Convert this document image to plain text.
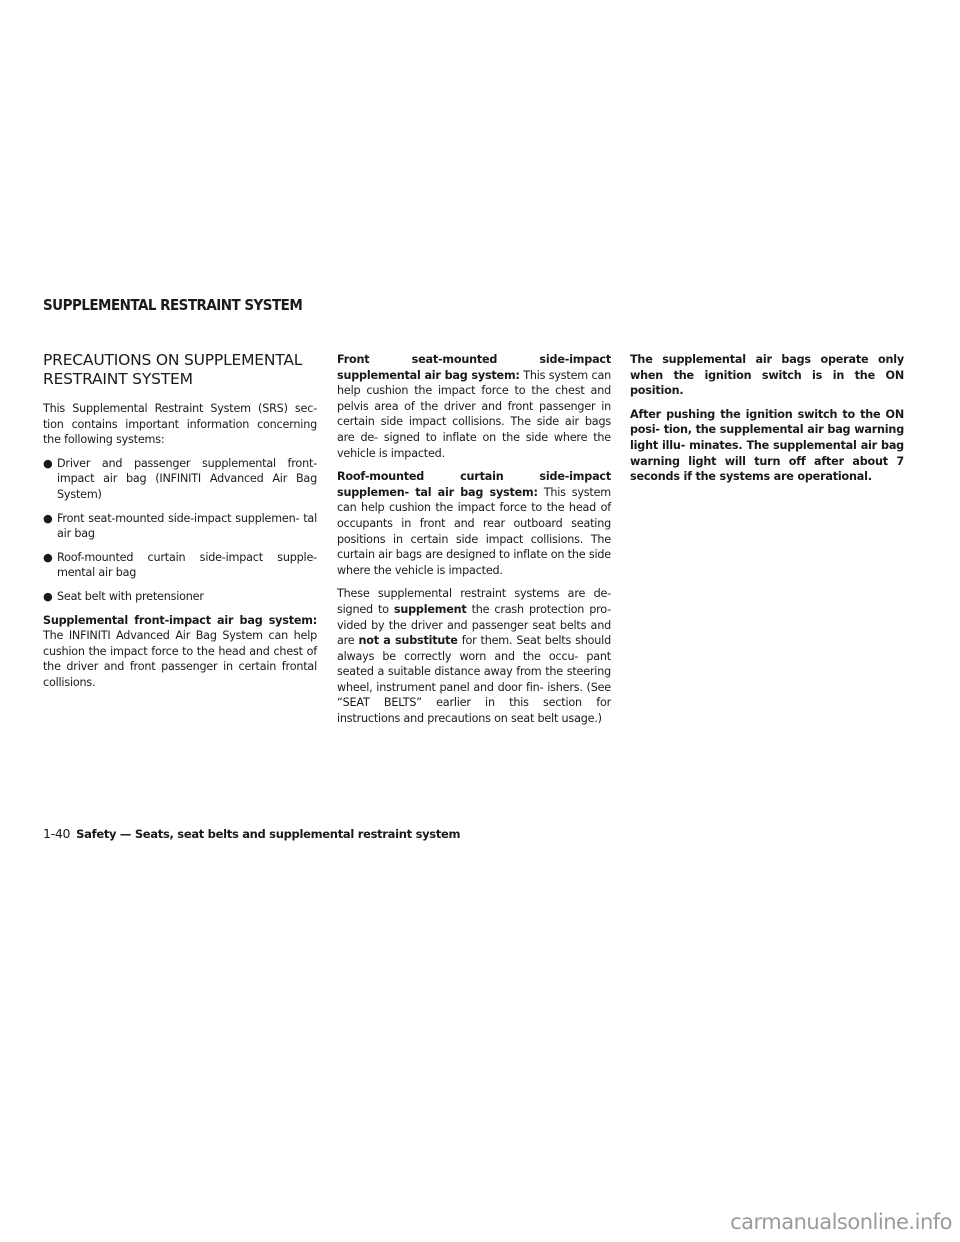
SUPPLEMENTAL RESTRAINT SYSTEM
PRECAUTIONS ON SUPPLEMENTAL
RESTRAINT SYSTEM

This Supplemental Restraint System (SRS) sec- tion contains important information concerning the following systems:

● Driver and passenger supplemental front- impact air bag (INFINITI Advanced Air Bag System)
● Front seat-mounted side-impact supplemen- tal air bag
● Roof-mounted curtain side-impact supple- mental air bag
● Seat belt with pretensioner

Supplemental front-impact air bag system: The INFINITI Advanced Air Bag System can help cushion the impact force to the head and chest of the driver and front passenger in certain frontal collisions.

Front seat-mounted side-impact supplemental air bag system: This system can help cushion the impact force to the chest and pelvis area of the driver and front passenger in certain side impact collisions. The side air bags are de- signed to inflate on the side where the vehicle is impacted.

Roof-mounted curtain side-impact supplemen- tal air bag system: This system can help cushion the impact force to the head of occupants in front and rear outboard seating positions in certain side impact collisions. The curtain air bags are designed to inflate on the side where the vehicle is impacted.

These supplemental restraint systems are de- signed to supplement the crash protection pro- vided by the driver and passenger seat belts and are not a substitute for them. Seat belts should always be correctly worn and the occu- pant seated a suitable distance away from the steering wheel, instrument panel and door fin- ishers. (See “SEAT BELTS” earlier in this section for instructions and precautions on seat belt usage.)

The supplemental air bags operate only when the ignition switch is in the ON position.

After pushing the ignition switch to the ON posi- tion, the supplemental air bag warning light illu- minates. The supplemental air bag warning light will turn off after about 7 seconds if the systems are operational.

1-40 Safety — Seats, seat belts and supplemental restraint system
carmanualsonline.info
